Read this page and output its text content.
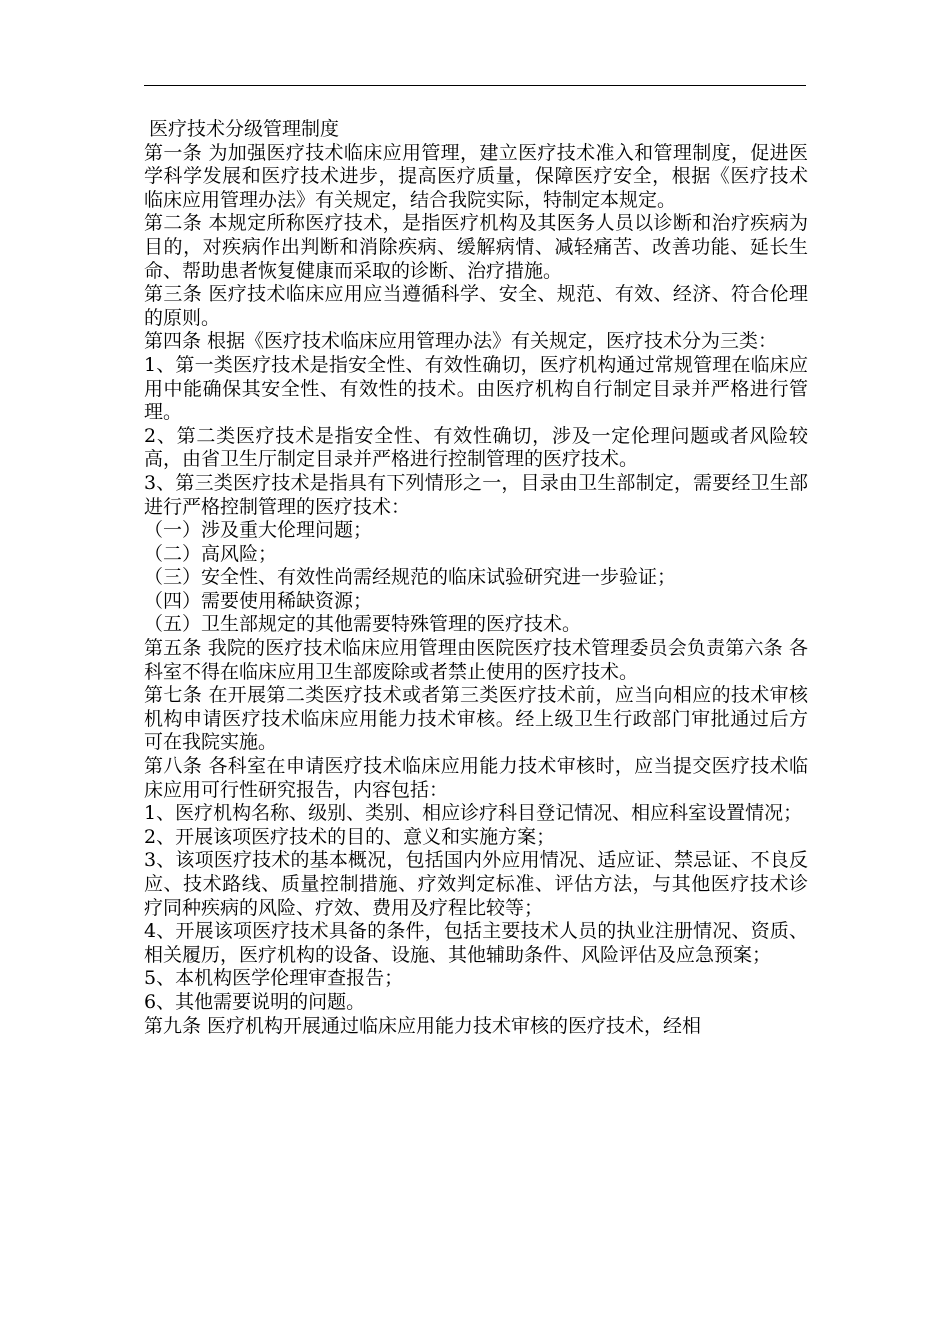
医疗技术分级管理制度

第一条 为加强医疗技术临床应用管理，建立医疗技术准入和管理制度，促进医学科学发展和医疗技术进步，提高医疗质量，保障医疗安全，根据《医疗技术临床应用管理办法》有关规定，结合我院实际，特制定本规定。

第二条 本规定所称医疗技术，是指医疗机构及其医务人员以诊断和治疗疾病为目的，对疾病作出判断和消除疾病、缓解病情、减轻痛苦、改善功能、延长生命、帮助患者恢复健康而采取的诊断、治疗措施。

第三条 医疗技术临床应用应当遵循科学、安全、规范、有效、经济、符合伦理的原则。

第四条 根据《医疗技术临床应用管理办法》有关规定，医疗技术分为三类：

1、第一类医疗技术是指安全性、有效性确切，医疗机构通过常规管理在临床应用中能确保其安全性、有效性的技术。由医疗机构自行制定目录并严格进行管理。

2、第二类医疗技术是指安全性、有效性确切，涉及一定伦理问题或者风险较高，由省卫生厅制定目录并严格进行控制管理的医疗技术。

3、第三类医疗技术是指具有下列情形之一，目录由卫生部制定，需要经卫生部进行严格控制管理的医疗技术：

（一）涉及重大伦理问题；

（二）高风险；

（三）安全性、有效性尚需经规范的临床试验研究进一步验证；

（四）需要使用稀缺资源；

（五）卫生部规定的其他需要特殊管理的医疗技术。

第五条 我院的医疗技术临床应用管理由医院医疗技术管理委员会负责第六条 各科室不得在临床应用卫生部废除或者禁止使用的医疗技术。

第七条 在开展第二类医疗技术或者第三类医疗技术前，应当向相应的技术审核机构申请医疗技术临床应用能力技术审核。经上级卫生行政部门审批通过后方可在我院实施。

第八条 各科室在申请医疗技术临床应用能力技术审核时，应当提交医疗技术临床应用可行性研究报告，内容包括：

1、医疗机构名称、级别、类别、相应诊疗科目登记情况、相应科室设置情况；

2、开展该项医疗技术的目的、意义和实施方案；

3、该项医疗技术的基本概况，包括国内外应用情况、适应证、禁忌证、不良反应、技术路线、质量控制措施、疗效判定标准、评估方法，与其他医疗技术诊疗同种疾病的风险、疗效、费用及疗程比较等；

4、开展该项医疗技术具备的条件，包括主要技术人员的执业注册情况、资质、相关履历，医疗机构的设备、设施、其他辅助条件、风险评估及应急预案；

5、本机构医学伦理审查报告；

6、其他需要说明的问题。

第九条 医疗机构开展通过临床应用能力技术审核的医疗技术，经相
